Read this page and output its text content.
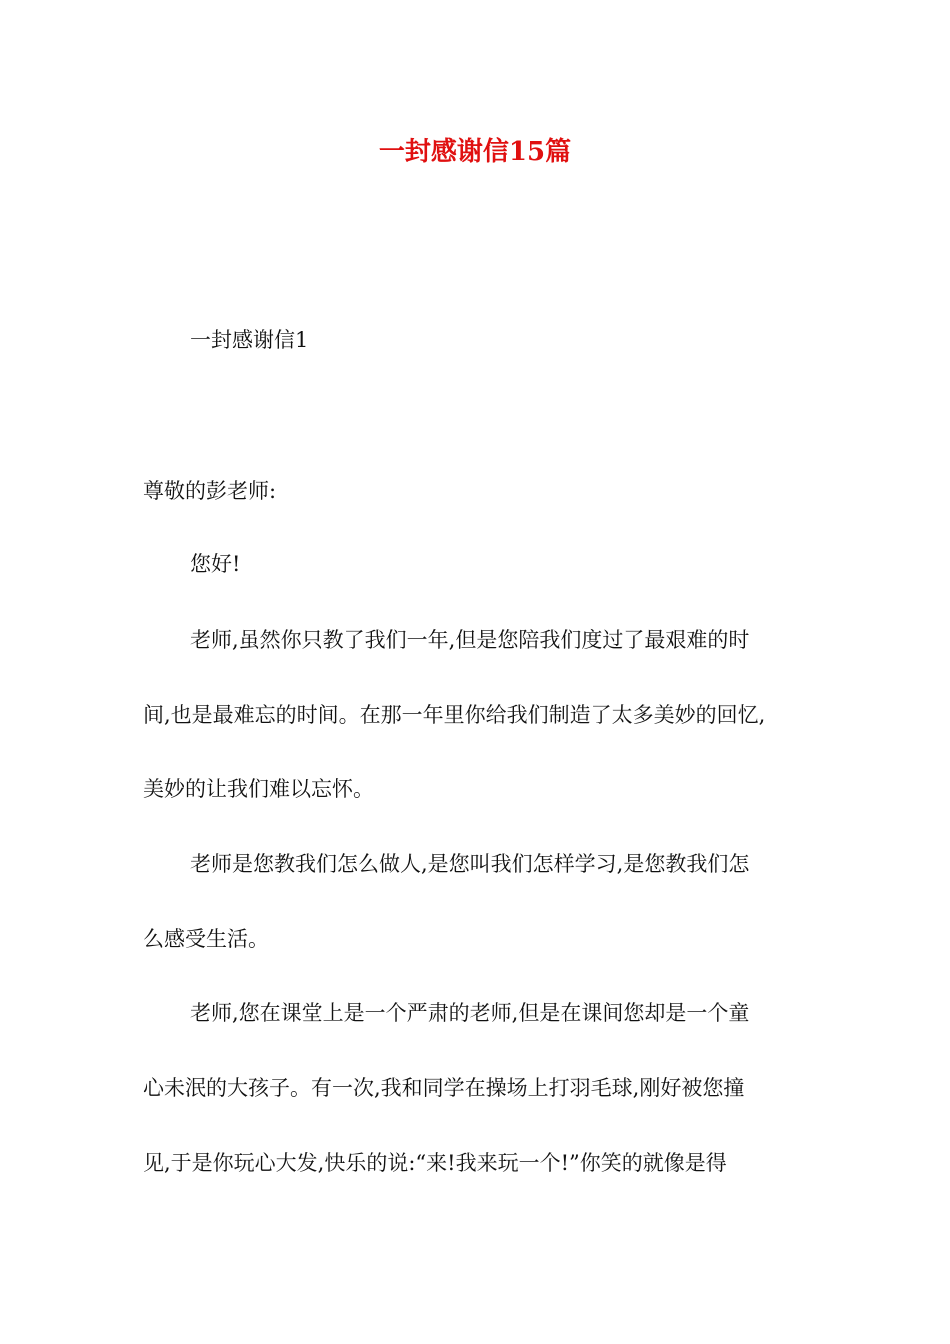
一封感谢信15篇

一封感谢信1

尊敬的彭老师:

您好!

老师,虽然你只教了我们一年,但是您陪我们度过了最艰难的时

间,也是最难忘的时间。在那一年里你给我们制造了太多美妙的回忆,

美妙的让我们难以忘怀。

老师是您教我们怎么做人,是您叫我们怎样学习,是您教我们怎

么感受生活。

老师,您在课堂上是一个严肃的老师,但是在课间您却是一个童

心未泯的大孩子。有一次,我和同学在操场上打羽毛球,刚好被您撞

见,于是你玩心大发,快乐的说:“来!我来玩一个!”你笑的就像是得
